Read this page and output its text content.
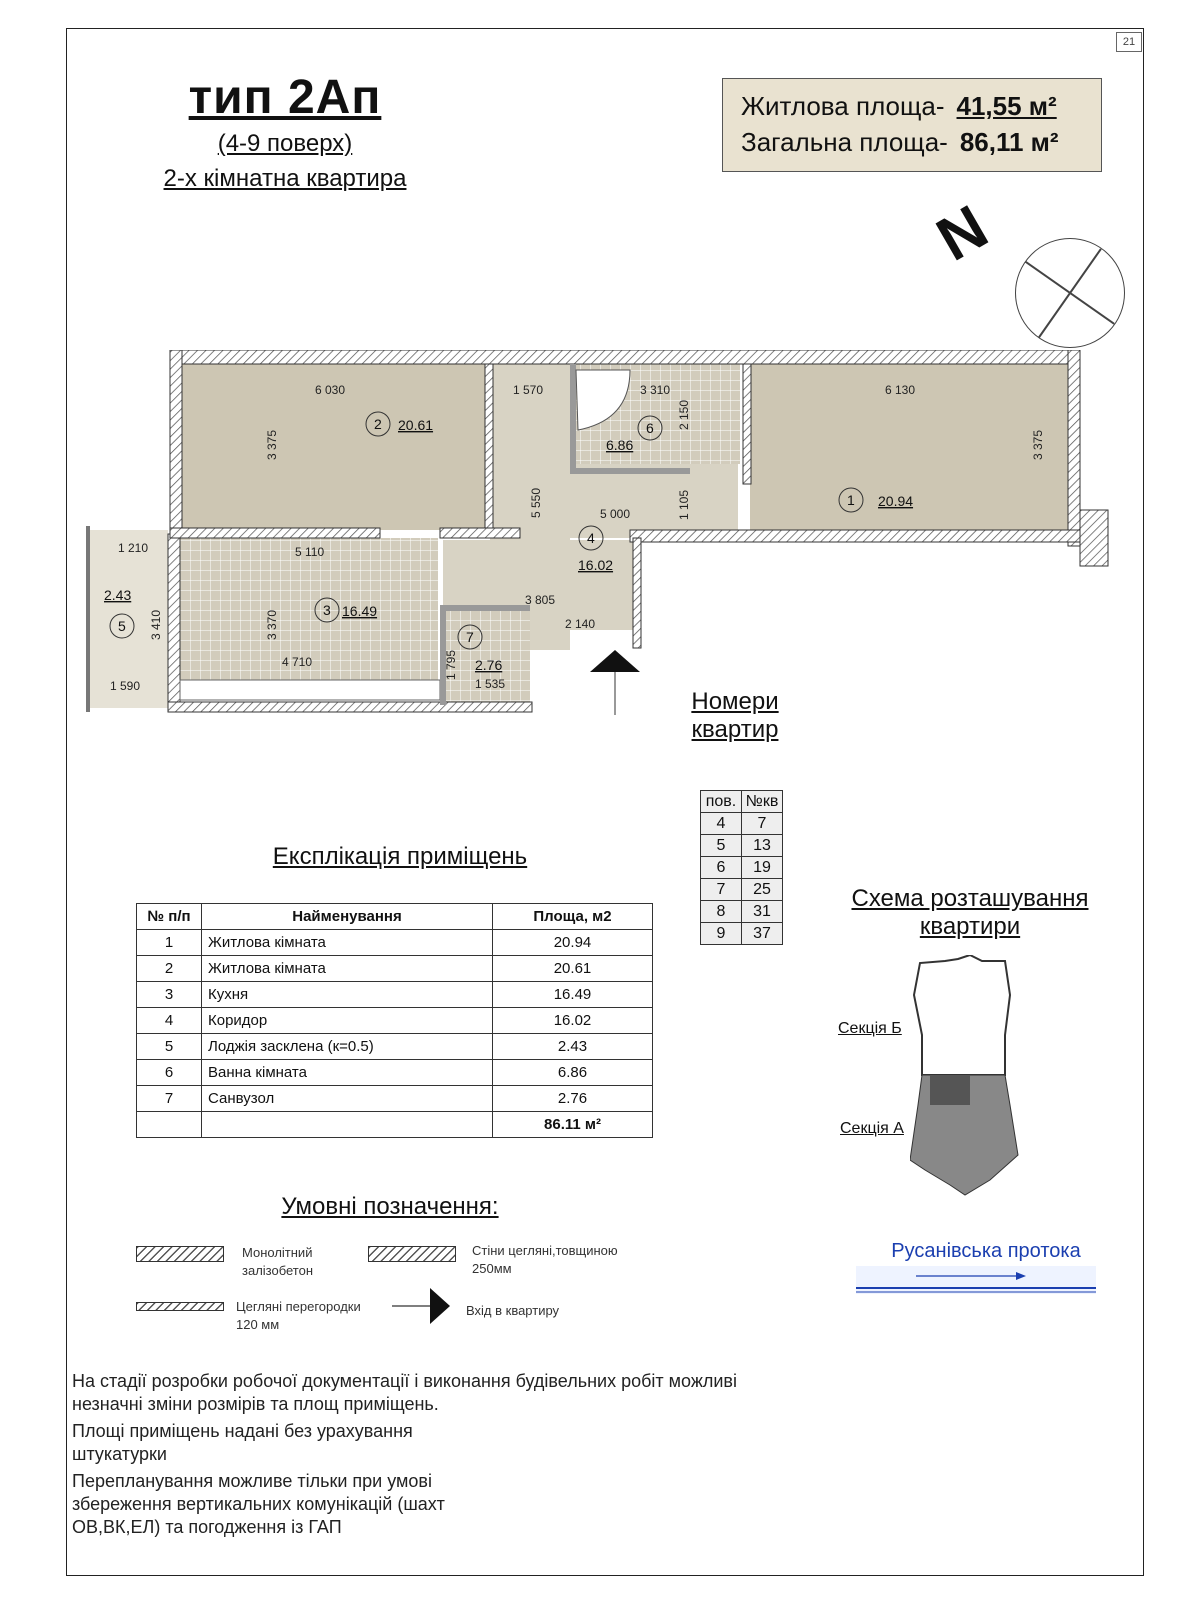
21
тип 2Ап
(4-9 поверх)
2-х кімнатна квартира
Житлова площа- 41,55 м²
Загальна площа- 86,11 м²
N
6 030
3 375
1 570	3 310
2 150
6 130
3 375
5 550	5 000	1 105
1 210	5 110
3 410	3 370
3 805
2 140
4 710	1 795
1 590	1 535
1 20.94
2 20.61
3 16.49
4
16.02
5
2.43
6
6.86
7
2.76
Номери
квартир
пов.	№кв
4	7
5	13
6	19
7	25
8	31
9	37
Експлікація приміщень
№ п/п	Найменування	Площа, м2
1	Житлова кімната	20.94
2	Житлова кімната	20.61
3	Кухня	16.49
4	Коридор	16.02
5	Лоджія засклена (к=0.5)	2.43
6	Ванна кімната	6.86
7	Санвузол	2.76
		86.11 м²
Схема розташування
квартири
Секція Б
Секція А
Русанівська протока
Умовні позначення:
Монолітний
залізобетон
Стіни цегляні,товщиною
250мм
Цегляні перегородки
120 мм
Вхід в квартиру

На стадії розробки робочої документації і виконання будівельних робіт можливі незначні зміни розмірів та площ приміщень.

Площі приміщень надані без урахування штукатурки

Перепланування можливе тільки при умові збереження вертикальних комунікацій (шахт ОВ,ВК,ЕЛ) та погодження із ГАП
